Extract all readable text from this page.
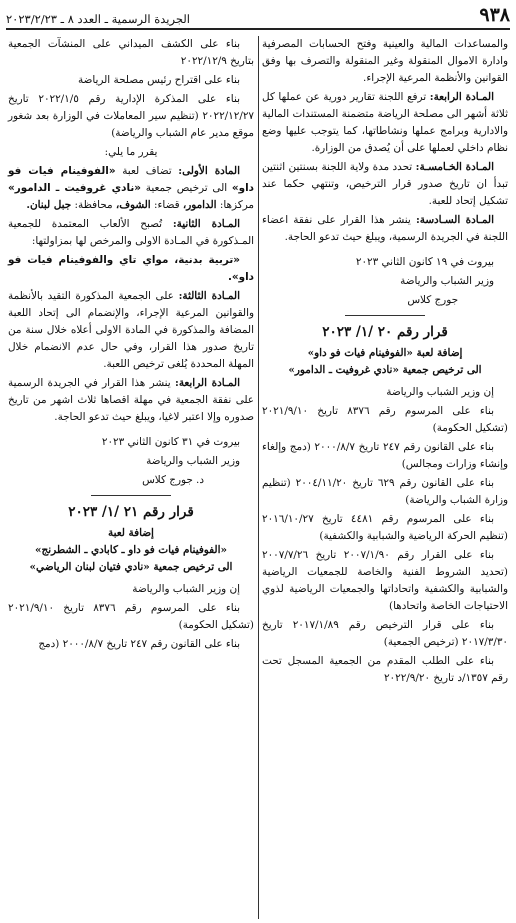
٩٣٨
الجريدة الرسمية ـ العدد ٨ ـ ٢٠٢٣/٢/٢٣

والمساعدات المالية والعينية وفتح الحسابات المصرفية وادارة الاموال المنقولة وغير المنقولة والتصرف بها وفق القوانين والأنظمة المرعية الإجراء.

المـادة الرابعة: ترفع اللجنة تقارير دورية عن عملها كل ثلاثة أشهر الى مصلحة الرياضة متضمنة المستندات المالية والادارية وبرامج عملها ونشاطاتها، كما يتوجب عليها وضع نظام داخلي لعملها على أن يُصدق من الوزارة.

المـادة الخـامسـة: تحدد مدة ولاية اللجنة بسنتين اثنتين تبدأ ان تاريخ صدور قرار الترخيص، وتنتهي حكما عند تشكيل إتحاد للعبة.

المـادة السـادسة: ينشر هذا القرار على نفقة اعضاء اللجنة في الجريدة الرسمية، ويبلغ حيث تدعو الحاجة.

بيروت في ١٩ كانون الثاني ٢٠٢٣

وزير الشباب والرياضة

جورج كلاس

قرار رقم ٢٠ /١/ ٢٠٢٣

إضافة لعبة «الفوفينام فيات فو داو»

الى ترخيص جمعية «نادي غروفيت ـ الدامور»

إن وزير الشباب والرياضة

بناء على المرسوم رقم ٨٣٧٦ تاريخ ٢٠٢١/٩/١٠ (تشكيل الحكومة)

بناء على القانون رقم ٢٤٧ تاريخ ٢٠٠٠/٨/٧ (دمج وإلغاء وإنشاء وزارات ومجالس)

بناء على القانون رقم ٦٢٩ تاريخ ٢٠٠٤/١١/٢٠ (تنظيم وزارة الشباب والرياضة)

بناء على المرسوم رقم ٤٤٨١ تاريخ ٢٠١٦/١٠/٢٧ (تنظيم الحركة الرياضية والشبابية والكشفية)

بناء على القرار رقم ٢٠٠٧/١/٩٠ تاريخ ٢٠٠٧/٧/٢٦ (تحديد الشروط الفنية والخاصة للجمعيات الرياضية والشبابية والكشفية واتحاداتها والجمعيات الرياضية لذوي الاحتياجات الخاصة واتحادها)

بناء على قرار الترخيص رقم ٢٠١٧/١/٨٩ تاريخ ٢٠١٧/٣/٣٠ (ترخيص الجمعية)

بناء على الطلب المقدم من الجمعية المسجل تحت رقم ١٣٥٧/د تاريخ ٢٠٢٢/٩/٢٠

بناء على الكشف الميداني على المنشآت الجمعية بتاريخ ٢٠٢٢/١٢/٩

بناء على اقتراح رئيس مصلحة الرياضة

بناء على المذكرة الإدارية رقم ٢٠٢٢/١/٥ تاريخ ٢٠٢٢/١٢/٢٧ (تنظيم سير المعاملات في الوزارة بعد شغور موقع مدير عام الشباب والرياضة)

يقرر ما يلي:

المادة الأولى: تضاف لعبة «الفوفينام فيات فو داو» الى ترخيص جمعية «نادي غروفيت ـ الدامور» مركزها: الدامور، قضاء: الشوف، محافظة: جبل لبنان.

المـادة الثانية: تُصبح الألعاب المعتمدة للجمعية المـذكورة في المـادة الاولى والمرخص لها بمزاولتها:

«تربية بدنية، مواي تاي والفوفينام فيات فو داو».

المـادة الثالثة: على الجمعية المذكورة التقيد بالأنظمة والقوانين المرعية الإجراء، والإنضمام الى إتحاد اللعبة المضافة والمذكورة في المادة الاولى أعلاه خلال سنة من تاريخ صدور هذا القرار، وفي حال عدم الانضمام خلال المهلة المحددة يُلغى ترخيص اللعبة.

المـادة الرابعة: ينشر هذا القرار في الجريدة الرسمية على نفقة الجمعية في مهلة اقصاها ثلاث اشهر من تاريخ صدوره وإلا اعتبر لاغيا، ويبلغ حيث تدعو الحاجة.

بيروت في ٣١ كانون الثاني ٢٠٢٣

وزير الشباب والرياضة

د. جورج كلاس

قرار رقم ٢١ /١/ ٢٠٢٣

إضافة لعبة

«الفوفينام فيات فو داو ـ كابادي ـ الشطرنج»

الى ترخيص جمعية «نادي فتيان لبنان الرياضي»

إن وزير الشباب والرياضة

بناء على المرسوم رقم ٨٣٧٦ تاريخ ٢٠٢١/٩/١٠ (تشكيل الحكومة)

بناء على القانون رقم ٢٤٧ تاريخ ٢٠٠٠/٨/٧ (دمج
